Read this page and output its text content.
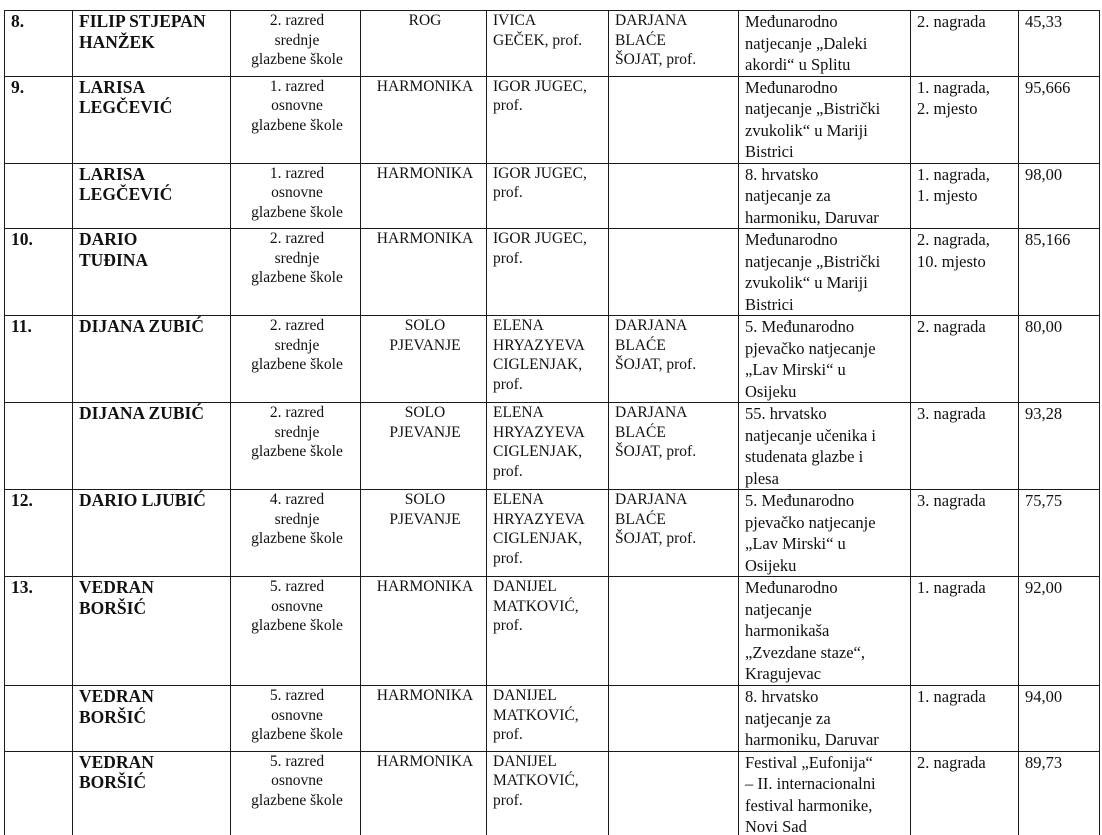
8.	FILIP STJEPAN
HANŽEK	2. razred
srednje
glazbene škole	ROG	IVICA
GEČEK, prof.	DARJANA
BLAĆE
ŠOJAT, prof.	Međunarodno
natjecanje „Daleki
akordi“ u Splitu	2. nagrada	45,33
9.	LARISA
LEGČEVIĆ	1. razred
osnovne
glazbene škole	HARMONIKA	IGOR JUGEC,
prof.		Međunarodno
natjecanje „Bistrički
zvukolik“ u Mariji
Bistrici	1. nagrada,
2. mjesto	95,666
	LARISA
LEGČEVIĆ	1. razred
osnovne
glazbene škole	HARMONIKA	IGOR JUGEC,
prof.		8. hrvatsko
natjecanje za
harmoniku, Daruvar	1. nagrada,
1. mjesto	98,00
10.	DARIO
TUĐINA	2. razred
srednje
glazbene škole	HARMONIKA	IGOR JUGEC,
prof.		Međunarodno
natjecanje „Bistrički
zvukolik“ u Mariji
Bistrici	2. nagrada,
10. mjesto	85,166
11.	DIJANA ZUBIĆ	2. razred
srednje
glazbene škole	SOLO
PJEVANJE	ELENA
HRYAZYEVA
CIGLENJAK,
prof.	DARJANA
BLAĆE
ŠOJAT, prof.	5. Međunarodno
pjevačko natjecanje
„Lav Mirski“ u
Osijeku	2. nagrada	80,00
	DIJANA ZUBIĆ	2. razred
srednje
glazbene škole	SOLO
PJEVANJE	ELENA
HRYAZYEVA
CIGLENJAK,
prof.	DARJANA
BLAĆE
ŠOJAT, prof.	55. hrvatsko
natjecanje učenika i
studenata glazbe i
plesa	3. nagrada	93,28
12.	DARIO LJUBIĆ	4. razred
srednje
glazbene škole	SOLO
PJEVANJE	ELENA
HRYAZYEVA
CIGLENJAK,
prof.	DARJANA
BLAĆE
ŠOJAT, prof.	5. Međunarodno
pjevačko natjecanje
„Lav Mirski“ u
Osijeku	3. nagrada	75,75
13.	VEDRAN
BORŠIĆ	5. razred
osnovne
glazbene škole	HARMONIKA	DANIJEL
MATKOVIĆ,
prof.		Međunarodno
natjecanje
harmonikaša
„Zvezdane staze“,
Kragujevac	1. nagrada	92,00
	VEDRAN
BORŠIĆ	5. razred
osnovne
glazbene škole	HARMONIKA	DANIJEL
MATKOVIĆ,
prof.		8. hrvatsko
natjecanje za
harmoniku, Daruvar	1. nagrada	94,00
	VEDRAN
BORŠIĆ	5. razred
osnovne
glazbene škole	HARMONIKA	DANIJEL
MATKOVIĆ,
prof.		Festival „Eufonija“
– II. internacionalni
festival harmonike,
Novi Sad	2. nagrada	89,73
